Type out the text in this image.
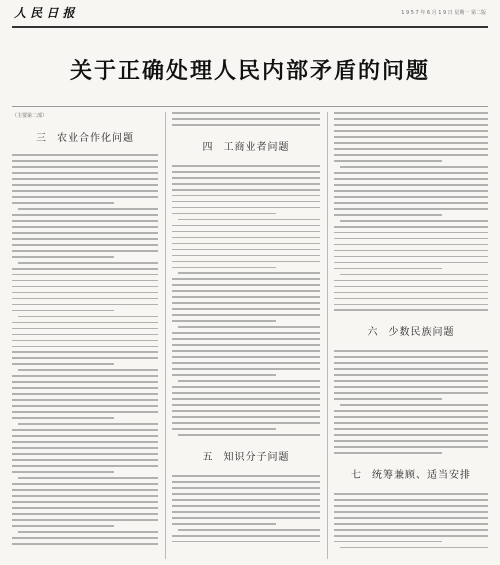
人 民 日 报	1 9 5 7 年 6 月 1 9 日 星期一 第二版
关于正确处理人民内部矛盾的问题
（主要第二部）
三 农业合作化问题
四 工商业者问题
五 知识分子问题
六 少数民族问题
七 统筹兼顾、适当安排
